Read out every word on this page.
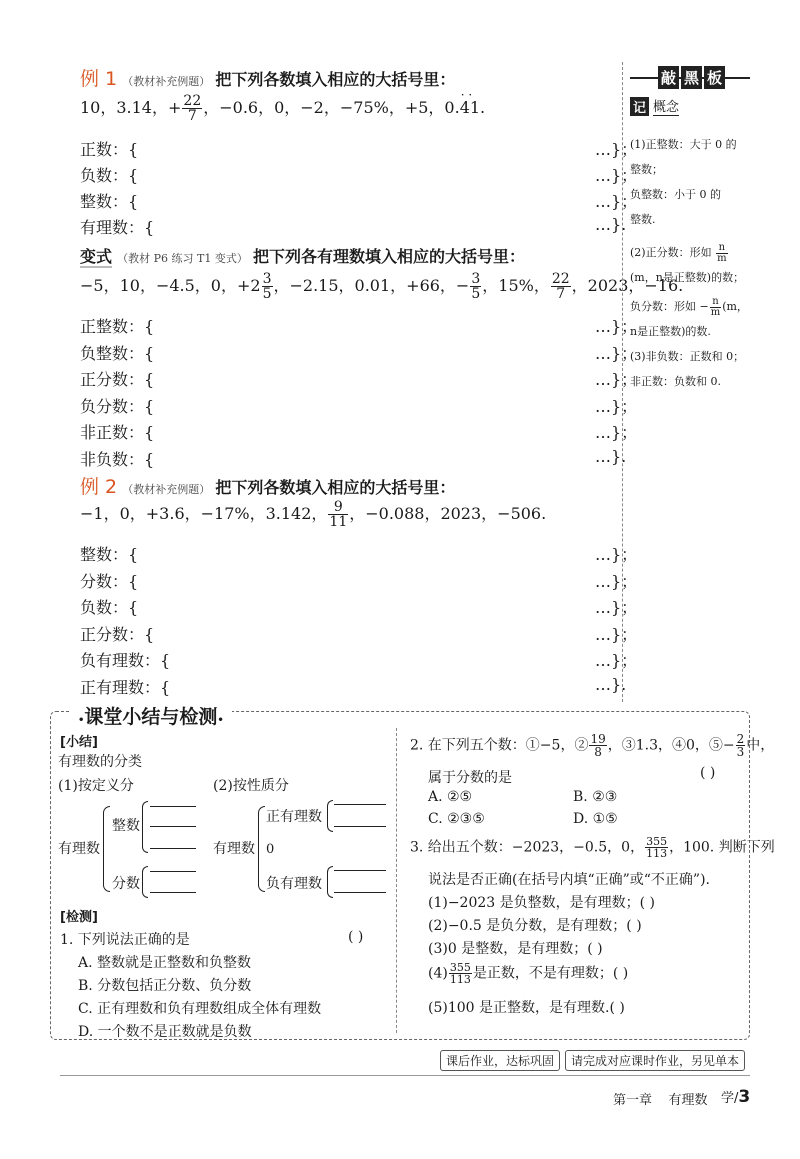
例 1 （教材补充例题） 把下列各数填入相应的大括号里：
10，3.14，+ $\frac{22}{7}$ ，−0.6，0，−2，−75%，+5，0.41
· ·
.
正数：{	…}；
负数：{	…}；
整数：{	…}；
有理数：{	…}.
变式 （教材 P6 练习 T1 变式） 把下列各有理数填入相应的大括号里：
−5，10，−4.5，0，$+2 \frac{3}{5}$ ，−2.15，0.01，+66，− $\frac{3}{5}$ ，15%， $\frac{22}{7}$ ，2023，−16.
正整数：{	…}；
负整数：{	…}；
正分数：{	…}；
负分数：{	…}；
非正数：{	…}；
非负数：{	…}.
例 2 （教材补充例题） 把下列各数填入相应的大括号里：
−1，0，+3.6，−17%，3.142， $\frac{9}{11}$ ，−0.088，2023，−506.
整数：{	…}；
分数：{	…}；
负数：{	…}；
正分数：{	…}；
负有理数：{	…}；
正有理数：{	…}.
敲 黑 板
记 概念
(1)正整数：大于 0 的
整数；
负整数：小于 0 的
整数.
(2)正分数：形如 $\frac{n}{m}$
(m，n是正整数)的数；
负分数：形如 − $\frac{n}{m} (m$，
n是正整数)的数.
(3)非负数：正数和 0；
非正数：负数和 0.
•课堂小结与检测•
[小结]
有理数的分类
(1)按定义分	(2)按性质分
有理数
整数
分数
有理数
正有理数
0
负有理数
[检测]
1. 下列说法正确的是	( )
A. 整数就是正整数和负整数
B. 分数包括正分数、负分数
C. 正有理数和负有理数组成全体有理数
D. 一个数不是正数就是负数
2. 在下列五个数：①−5，② $\frac{19}{8}$ ，③1.3，④0，⑤− $\frac{2}{3}$ 中，
属于分数的是	( )
A. ②⑤	B. ②③
C. ②③⑤	D. ①⑤
3. 给出五个数：−2023，−0.5，0， $\frac{355}{113}$ ，100. 判断下列
说法是否正确(在括号内填“正确”或“不正确”).
(1)−2023 是负整数，是有理数；( )
(2)−0.5 是负分数，是有理数；( )
(3)0 是整数，是有理数；( )
$(4) \frac{355}{113}$ 是正数，不是有理数；( )
(5)100 是正整数，是有理数.( )
课后作业，达标巩固	请完成对应课时作业，另见单本
第一章    有理数 学/3
